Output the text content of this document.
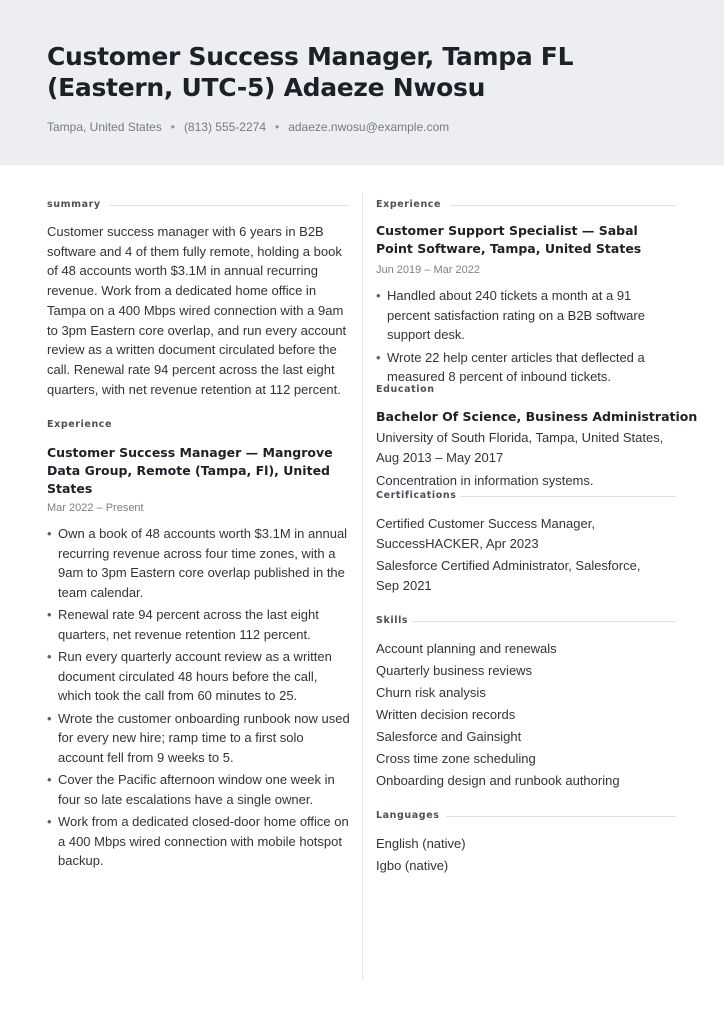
Customer Success Manager, Tampa FL (Eastern, UTC-5) Adaeze Nwosu
Tampa, United States • (813) 555-2274 • adaeze.nwosu@example.com
summary

Customer success manager with 6 years in B2B software and 4 of them fully remote, holding a book of 48 accounts worth $3.1M in annual recurring revenue. Work from a dedicated home office in Tampa on a 400 Mbps wired connection with a 9am to 3pm Eastern core overlap, and run every account review as a written document circulated before the call. Renewal rate 94 percent across the last eight quarters, with net revenue retention at 112 percent.

Experience

Customer Success Manager — Mangrove Data Group, Remote (Tampa, Fl), United States

Mar 2022 – Present
• Own a book of 48 accounts worth $3.1M in annual recurring revenue across four time zones, with a 9am to 3pm Eastern core overlap published in the team calendar.
• Renewal rate 94 percent across the last eight quarters, net revenue retention 112 percent.
• Run every quarterly account review as a written document circulated 48 hours before the call, which took the call from 60 minutes to 25.
• Wrote the customer onboarding runbook now used for every new hire; ramp time to a first solo account fell from 9 weeks to 5.
• Cover the Pacific afternoon window one week in four so late escalations have a single owner.
• Work from a dedicated closed-door home office on a 400 Mbps wired connection with mobile hotspot backup.
Experience

Customer Support Specialist — Sabal Point Software, Tampa, United States

Jun 2019 – Mar 2022
• Handled about 240 tickets a month at a 91 percent satisfaction rating on a B2B software support desk.
• Wrote 22 help center articles that deflected a measured 8 percent of inbound tickets.
Education

Bachelor Of Science, Business Administration

University of South Florida, Tampa, United States, Aug 2013 – May 2017

Concentration in information systems.
Certifications

Certified Customer Success Manager, SuccessHACKER, Apr 2023

Salesforce Certified Administrator, Salesforce, Sep 2021

Skills
Account planning and renewals
Quarterly business reviews
Churn risk analysis
Written decision records
Salesforce and Gainsight
Cross time zone scheduling
Onboarding design and runbook authoring
Languages
English (native)
Igbo (native)
